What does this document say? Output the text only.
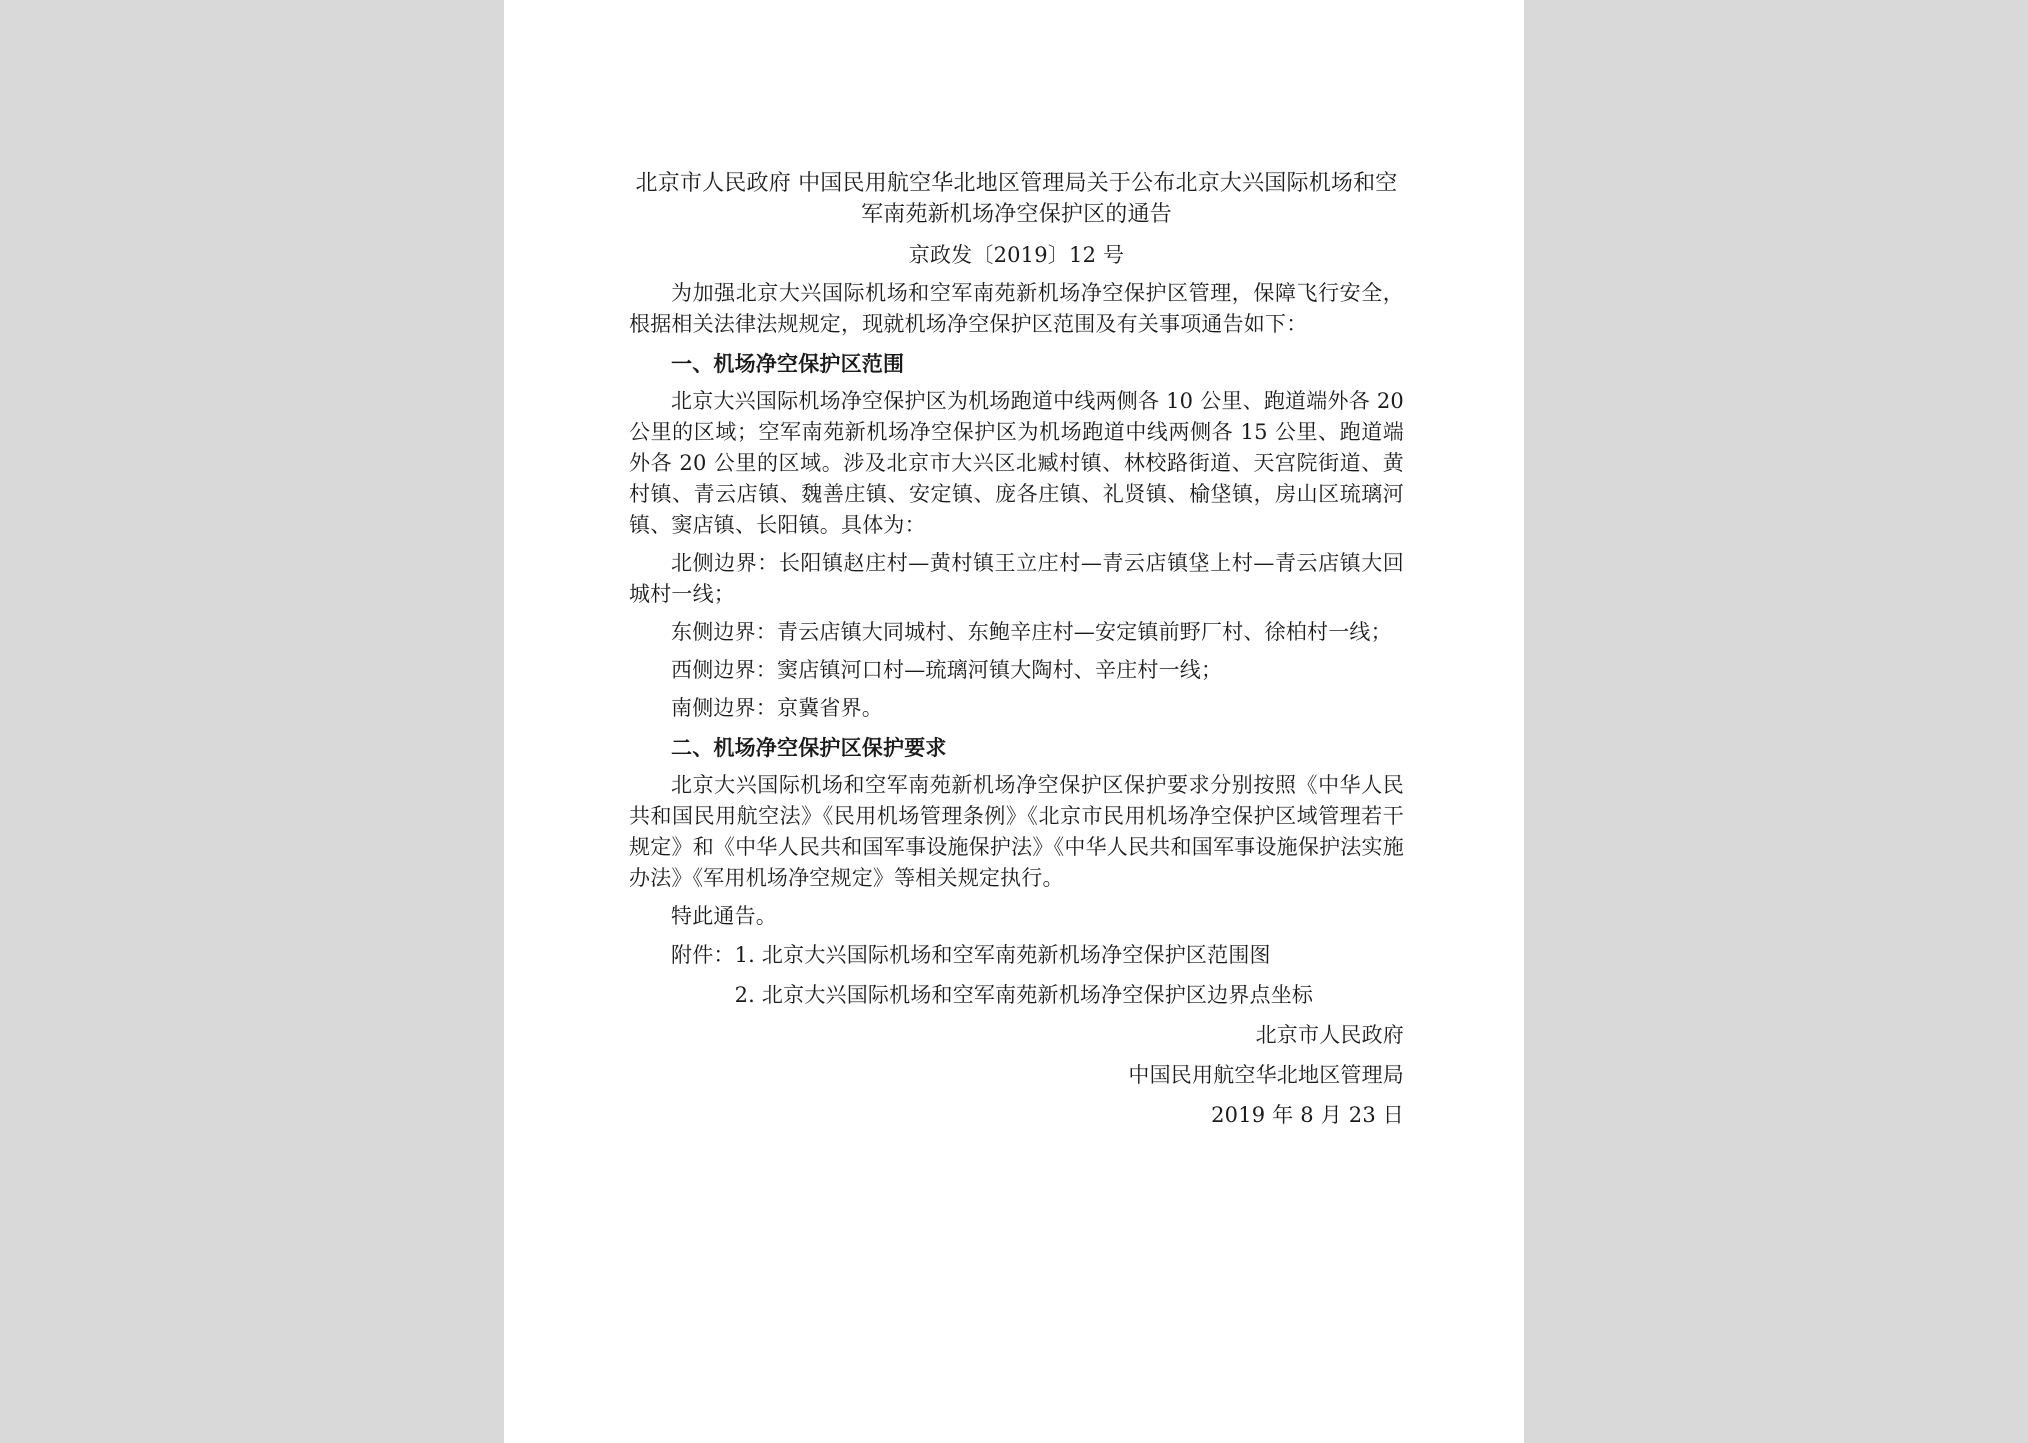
北京市人民政府 中国民用航空华北地区管理局关于公布北京大兴国际机场和空军南苑新机场净空保护区的通告
京政发〔2019〕12 号

为加强北京大兴国际机场和空军南苑新机场净空保护区管理，保障飞行安全，根据相关法律法规规定，现就机场净空保护区范围及有关事项通告如下：

一、机场净空保护区范围

北京大兴国际机场净空保护区为机场跑道中线两侧各 10 公里、跑道端外各 20 公里的区域；空军南苑新机场净空保护区为机场跑道中线两侧各 15 公里、跑道端外各 20 公里的区域。涉及北京市大兴区北臧村镇、林校路街道、天宫院街道、黄村镇、青云店镇、魏善庄镇、安定镇、庞各庄镇、礼贤镇、榆垡镇，房山区琉璃河镇、窦店镇、长阳镇。具体为：

北侧边界：长阳镇赵庄村—黄村镇王立庄村—青云店镇垡上村—青云店镇大回城村一线；

东侧边界：青云店镇大同城村、东鲍辛庄村—安定镇前野厂村、徐柏村一线；

西侧边界：窦店镇河口村—琉璃河镇大陶村、辛庄村一线；

南侧边界：京冀省界。

二、机场净空保护区保护要求

北京大兴国际机场和空军南苑新机场净空保护区保护要求分别按照《中华人民共和国民用航空法》《民用机场管理条例》《北京市民用机场净空保护区域管理若干规定》和《中华人民共和国军事设施保护法》《中华人民共和国军事设施保护法实施办法》《军用机场净空规定》等相关规定执行。

特此通告。

附件： 1. 北京大兴国际机场和空军南苑新机场净空保护区范围图
2. 北京大兴国际机场和空军南苑新机场净空保护区边界点坐标
北京市人民政府
中国民用航空华北地区管理局
2019 年 8 月 23 日
